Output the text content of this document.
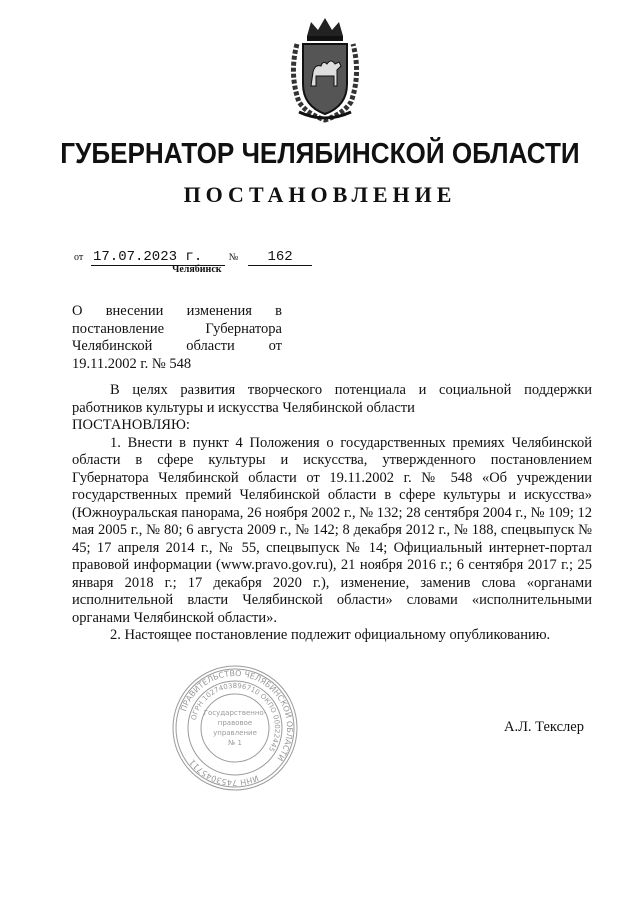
ГУБЕРНАТОР ЧЕЛЯБИНСКОЙ ОБЛАСТИ
ПОСТАНОВЛЕНИЕ
от 17.07.2023 г.	№ 162
Челябинск
О внесении изменения в постановление Губернатора Челябинской области от 19.11.2002 г. № 548

В целях развития творческого потенциала и социальной поддержки работников культуры и искусства Челябинской области

ПОСТАНОВЛЯЮ:

1. Внести в пункт 4 Положения о государственных премиях Челябинской области в сфере культуры и искусства, утвержденного постановлением Губернатора Челябинской области от 19.11.2002 г. № 548 «Об учреждении государственных премий Челябинской области в сфере культуры и искусства» (Южноуральская панорама, 26 ноября 2002 г., № 132; 28 сентября 2004 г., № 109; 12 мая 2005 г., № 80; 6 августа 2009 г., № 142; 8 декабря 2012 г., № 188, спецвыпуск № 45; 17 апреля 2014 г., № 55, спецвыпуск № 14; Официальный интернет-портал правовой информации (www.pravo.gov.ru), 21 ноября 2016 г.; 6 сентября 2017 г.; 25 января 2018 г.; 17 декабря 2020 г.), изменение, заменив слова «органами исполнительной власти Челябинской области» словами «исполнительными органами Челябинской области».

2. Настоящее постановление подлежит официальному опубликованию.

ПРАВИТЕЛЬСТВО ЧЕЛЯБИНСКОЙ ОБЛАСТИ
ИНН 7453045711
ОГРН 1027403896710 ОКПО 00022445
Государственно-
правовое
управление
№ 1
А.Л. Текслер
